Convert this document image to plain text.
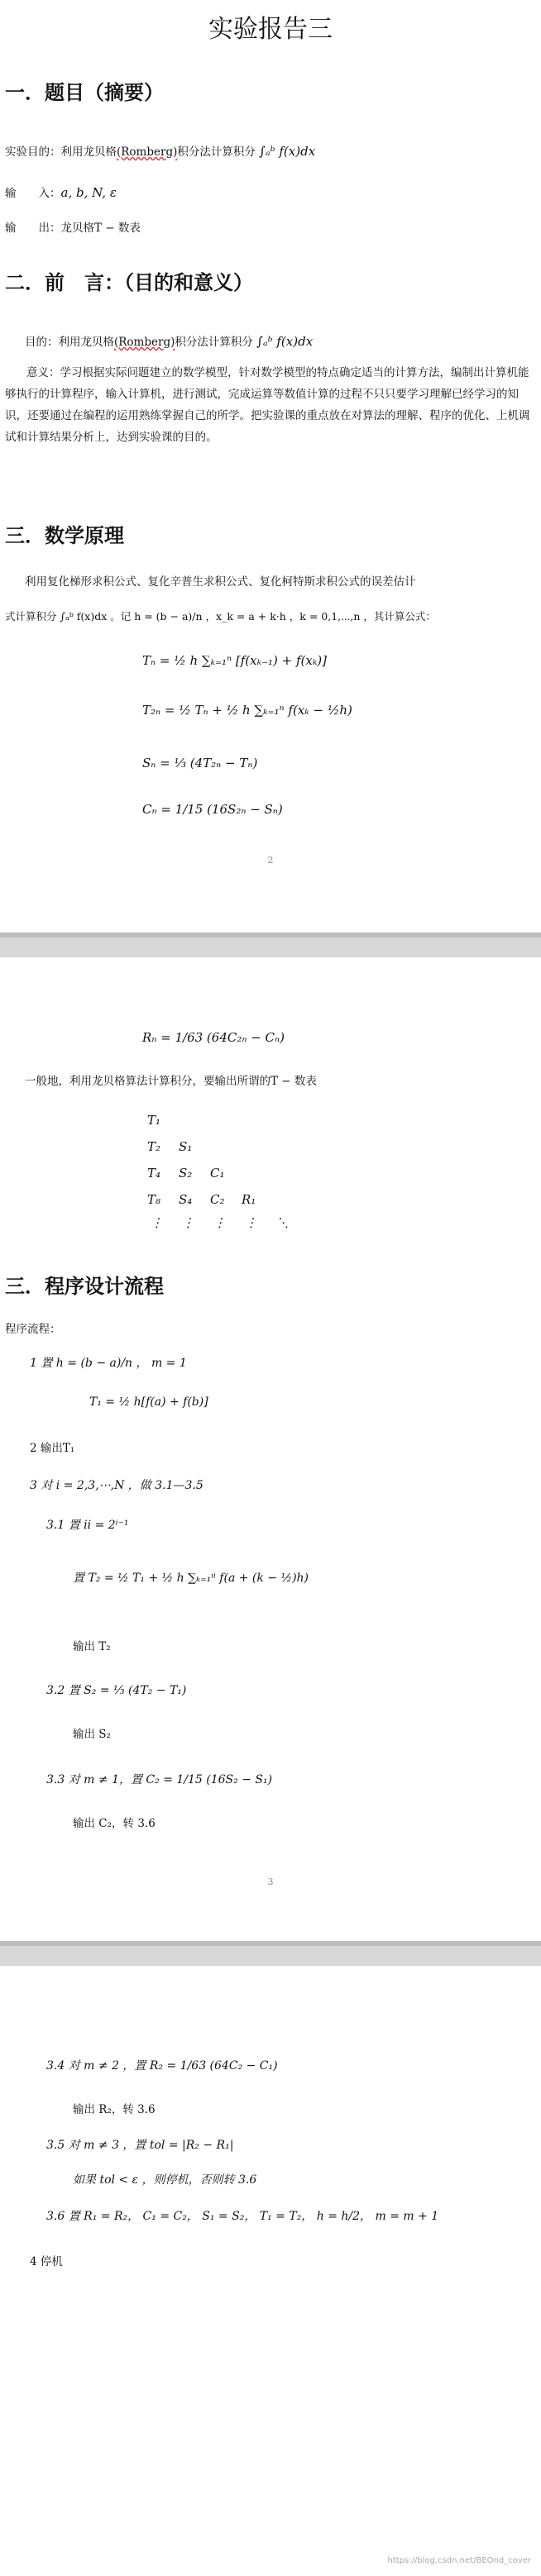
实验报告三
一．题目（摘要）
实验目的：利用龙贝格(Romberg)积分法计算积分 ∫ₐᵇ f(x)dx
输　　入：a, b, N, ε
输　　出：龙贝格T − 数表
二．前　言：（目的和意义）
目的：利用龙贝格(Romberg)积分法计算积分 ∫ₐᵇ f(x)dx
意义：学习根据实际问题建立的数学模型，针对数学模型的特点确定适当的计算方法，编制出计算机能够执行的计算程序，输入计算机，进行测试，完成运算等数值计算的过程不只只要学习理解已经学习的知识，还要通过在编程的运用熟练掌握自己的所学。把实验课的重点放在对算法的理解、程序的优化、上机调试和计算结果分析上，达到实验课的目的。
三．数学原理
利用复化梯形求积公式、复化辛普生求积公式、复化柯特斯求积公式的误差估计
式计算积分 ∫ₐᵇ f(x)dx 。记 h = (b − a)/n ，x_k = a + k·h ，k = 0,1,⋯,n ，其计算公式：
Tₙ = ½ h ∑ₖ₌₁ⁿ [f(xₖ₋₁) + f(xₖ)]
T₂ₙ = ½ Tₙ + ½ h ∑ₖ₌₁ⁿ f(xₖ − ½h)
Sₙ = ⅓ (4T₂ₙ − Tₙ)
Cₙ = 1/15 (16S₂ₙ − Sₙ)
2
Rₙ = 1/63 (64C₂ₙ − Cₙ)
一般地，利用龙贝格算法计算积分，要输出所谓的T − 数表
T₁
T₂ S₁
T₄ S₂ C₁
T₈ S₄ C₂ R₁
⋮ ⋮ ⋮ ⋮ ⋱
三．程序设计流程
程序流程：
1 置 h = (b − a)/n ， m = 1
T₁ = ½ h[f(a) + f(b)]
2 输出T₁
3 对 i = 2,3,⋯,N ，做 3.1—3.5
3.1 置 ii = 2ⁱ⁻¹
置 T₂ = ½ T₁ + ½ h ∑ₖ₌₁ⁱⁱ f(a + (k − ½)h)
输出 T₂
3.2 置 S₂ = ⅓ (4T₂ − T₁)
输出 S₂
3.3 对 m ≠ 1，置 C₂ = 1/15 (16S₂ − S₁)
输出 C₂，转 3.6
3
3.4 对 m ≠ 2 ，置 R₂ = 1/63 (64C₂ − C₁)
输出 R₂，转 3.6
3.5 对 m ≠ 3 ，置 tol = |R₂ − R₁|
如果 tol < ε ，则停机，否则转 3.6
3.6 置 R₁ = R₂， C₁ = C₂， S₁ = S₂， T₁ = T₂， h = h/2， m = m + 1
4 停机
https://blog.csdn.net/BEOnd_cover
